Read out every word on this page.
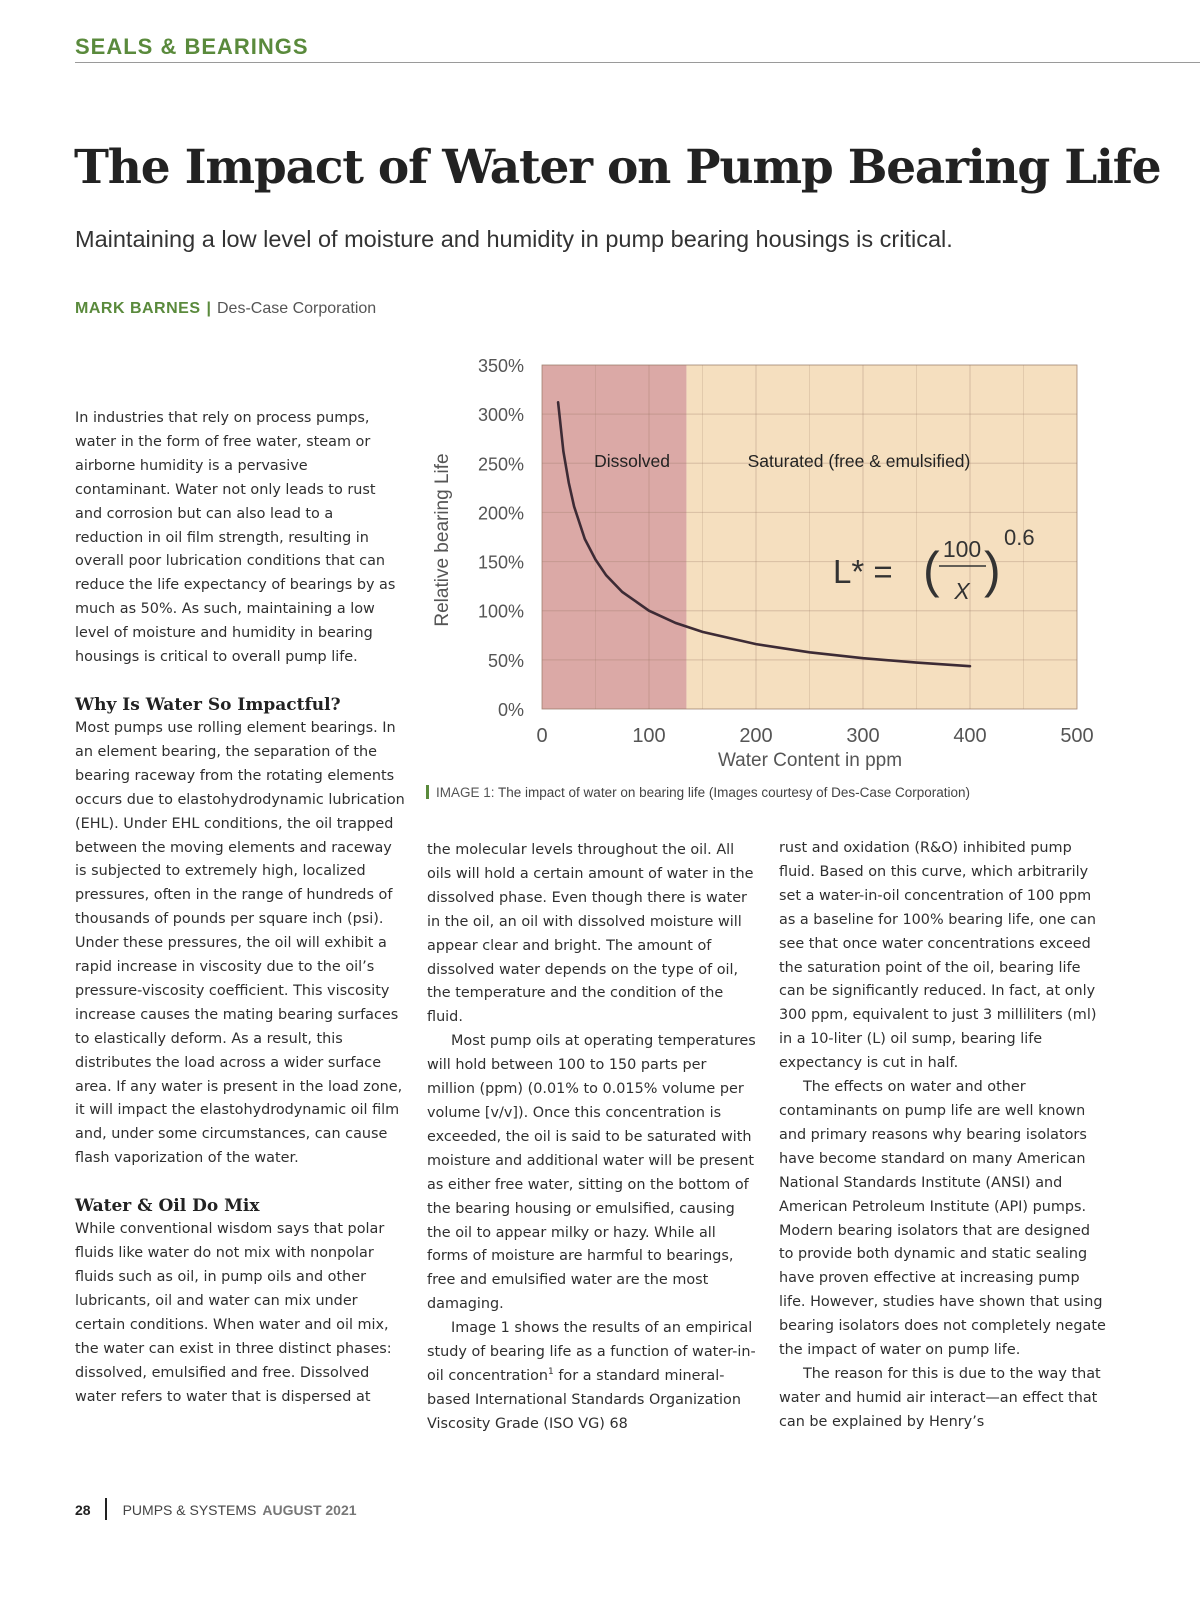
SEALS & BEARINGS
The Impact of Water on Pump Bearing Life
Maintaining a low level of moisture and humidity in pump bearing housings is critical.
MARK BARNES | Des-Case Corporation

In industries that rely on process pumps, water in the form of free water, steam or airborne humidity is a pervasive contaminant. Water not only leads to rust and corrosion but can also lead to a reduction in oil film strength, resulting in overall poor lubrication conditions that can reduce the life expectancy of bearings by as much as 50%. As such, maintaining a low level of moisture and humidity in bearing housings is critical to overall pump life.

Why Is Water So Impactful?

Most pumps use rolling element bearings. In an element bearing, the separation of the bearing raceway from the rotating elements occurs due to elastohydrodynamic lubrication (EHL). Under EHL conditions, the oil trapped between the moving elements and raceway is subjected to extremely high, localized pressures, often in the range of hundreds of thousands of pounds per square inch (psi). Under these pressures, the oil will exhibit a rapid increase in viscosity due to the oil’s pressure-viscosity coefficient. This viscosity increase causes the mating bearing surfaces to elastically deform. As a result, this distributes the load across a wider surface area. If any water is present in the load zone, it will impact the elastohydrodynamic oil film and, under some circumstances, can cause flash vaporization of the water.

Water & Oil Do Mix

While conventional wisdom says that polar fluids like water do not mix with nonpolar fluids such as oil, in pump oils and other lubricants, oil and water can mix under certain conditions. When water and oil mix, the water can exist in three distinct phases: dissolved, emulsified and free. Dissolved water refers to water that is dispersed at

0%
50%
100%
150%
200%
250%
300%
350%
0	100	200	300	400	500
Water Content in ppm
Relative bearing Life	Dissolved	Saturated (free & emulsified)
L* = ( 100
X )
0.6
IMAGE 1: The impact of water on bearing life (Images courtesy of Des-Case Corporation)

the molecular levels throughout the oil. All oils will hold a certain amount of water in the dissolved phase. Even though there is water in the oil, an oil with dissolved moisture will appear clear and bright. The amount of dissolved water depends on the type of oil, the temperature and the condition of the fluid.

Most pump oils at operating temperatures will hold between 100 to 150 parts per million (ppm) (0.01% to 0.015% volume per volume [v/v]). Once this concentration is exceeded, the oil is said to be saturated with moisture and additional water will be present as either free water, sitting on the bottom of the bearing housing or emulsified, causing the oil to appear milky or hazy. While all forms of moisture are harmful to bearings, free and emulsified water are the most damaging.

Image 1 shows the results of an empirical study of bearing life as a function of water-in-oil concentration$^1$ for a standard mineral-based International Standards Organization Viscosity Grade (ISO VG) 68

rust and oxidation (R&O) inhibited pump fluid. Based on this curve, which arbitrarily set a water-in-oil concentration of 100 ppm as a baseline for 100% bearing life, one can see that once water concentrations exceed the saturation point of the oil, bearing life can be significantly reduced. In fact, at only 300 ppm, equivalent to just 3 milliliters (ml) in a 10-liter (L) oil sump, bearing life expectancy is cut in half.

The effects on water and other contaminants on pump life are well known and primary reasons why bearing isolators have become standard on many American National Standards Institute (ANSI) and American Petroleum Institute (API) pumps. Modern bearing isolators that are designed to provide both dynamic and static sealing have proven effective at increasing pump life. However, studies have shown that using bearing isolators does not completely negate the impact of water on pump life.

The reason for this is due to the way that water and humid air interact—an effect that can be explained by Henry’s

28 PUMPS & SYSTEMS AUGUST 2021
